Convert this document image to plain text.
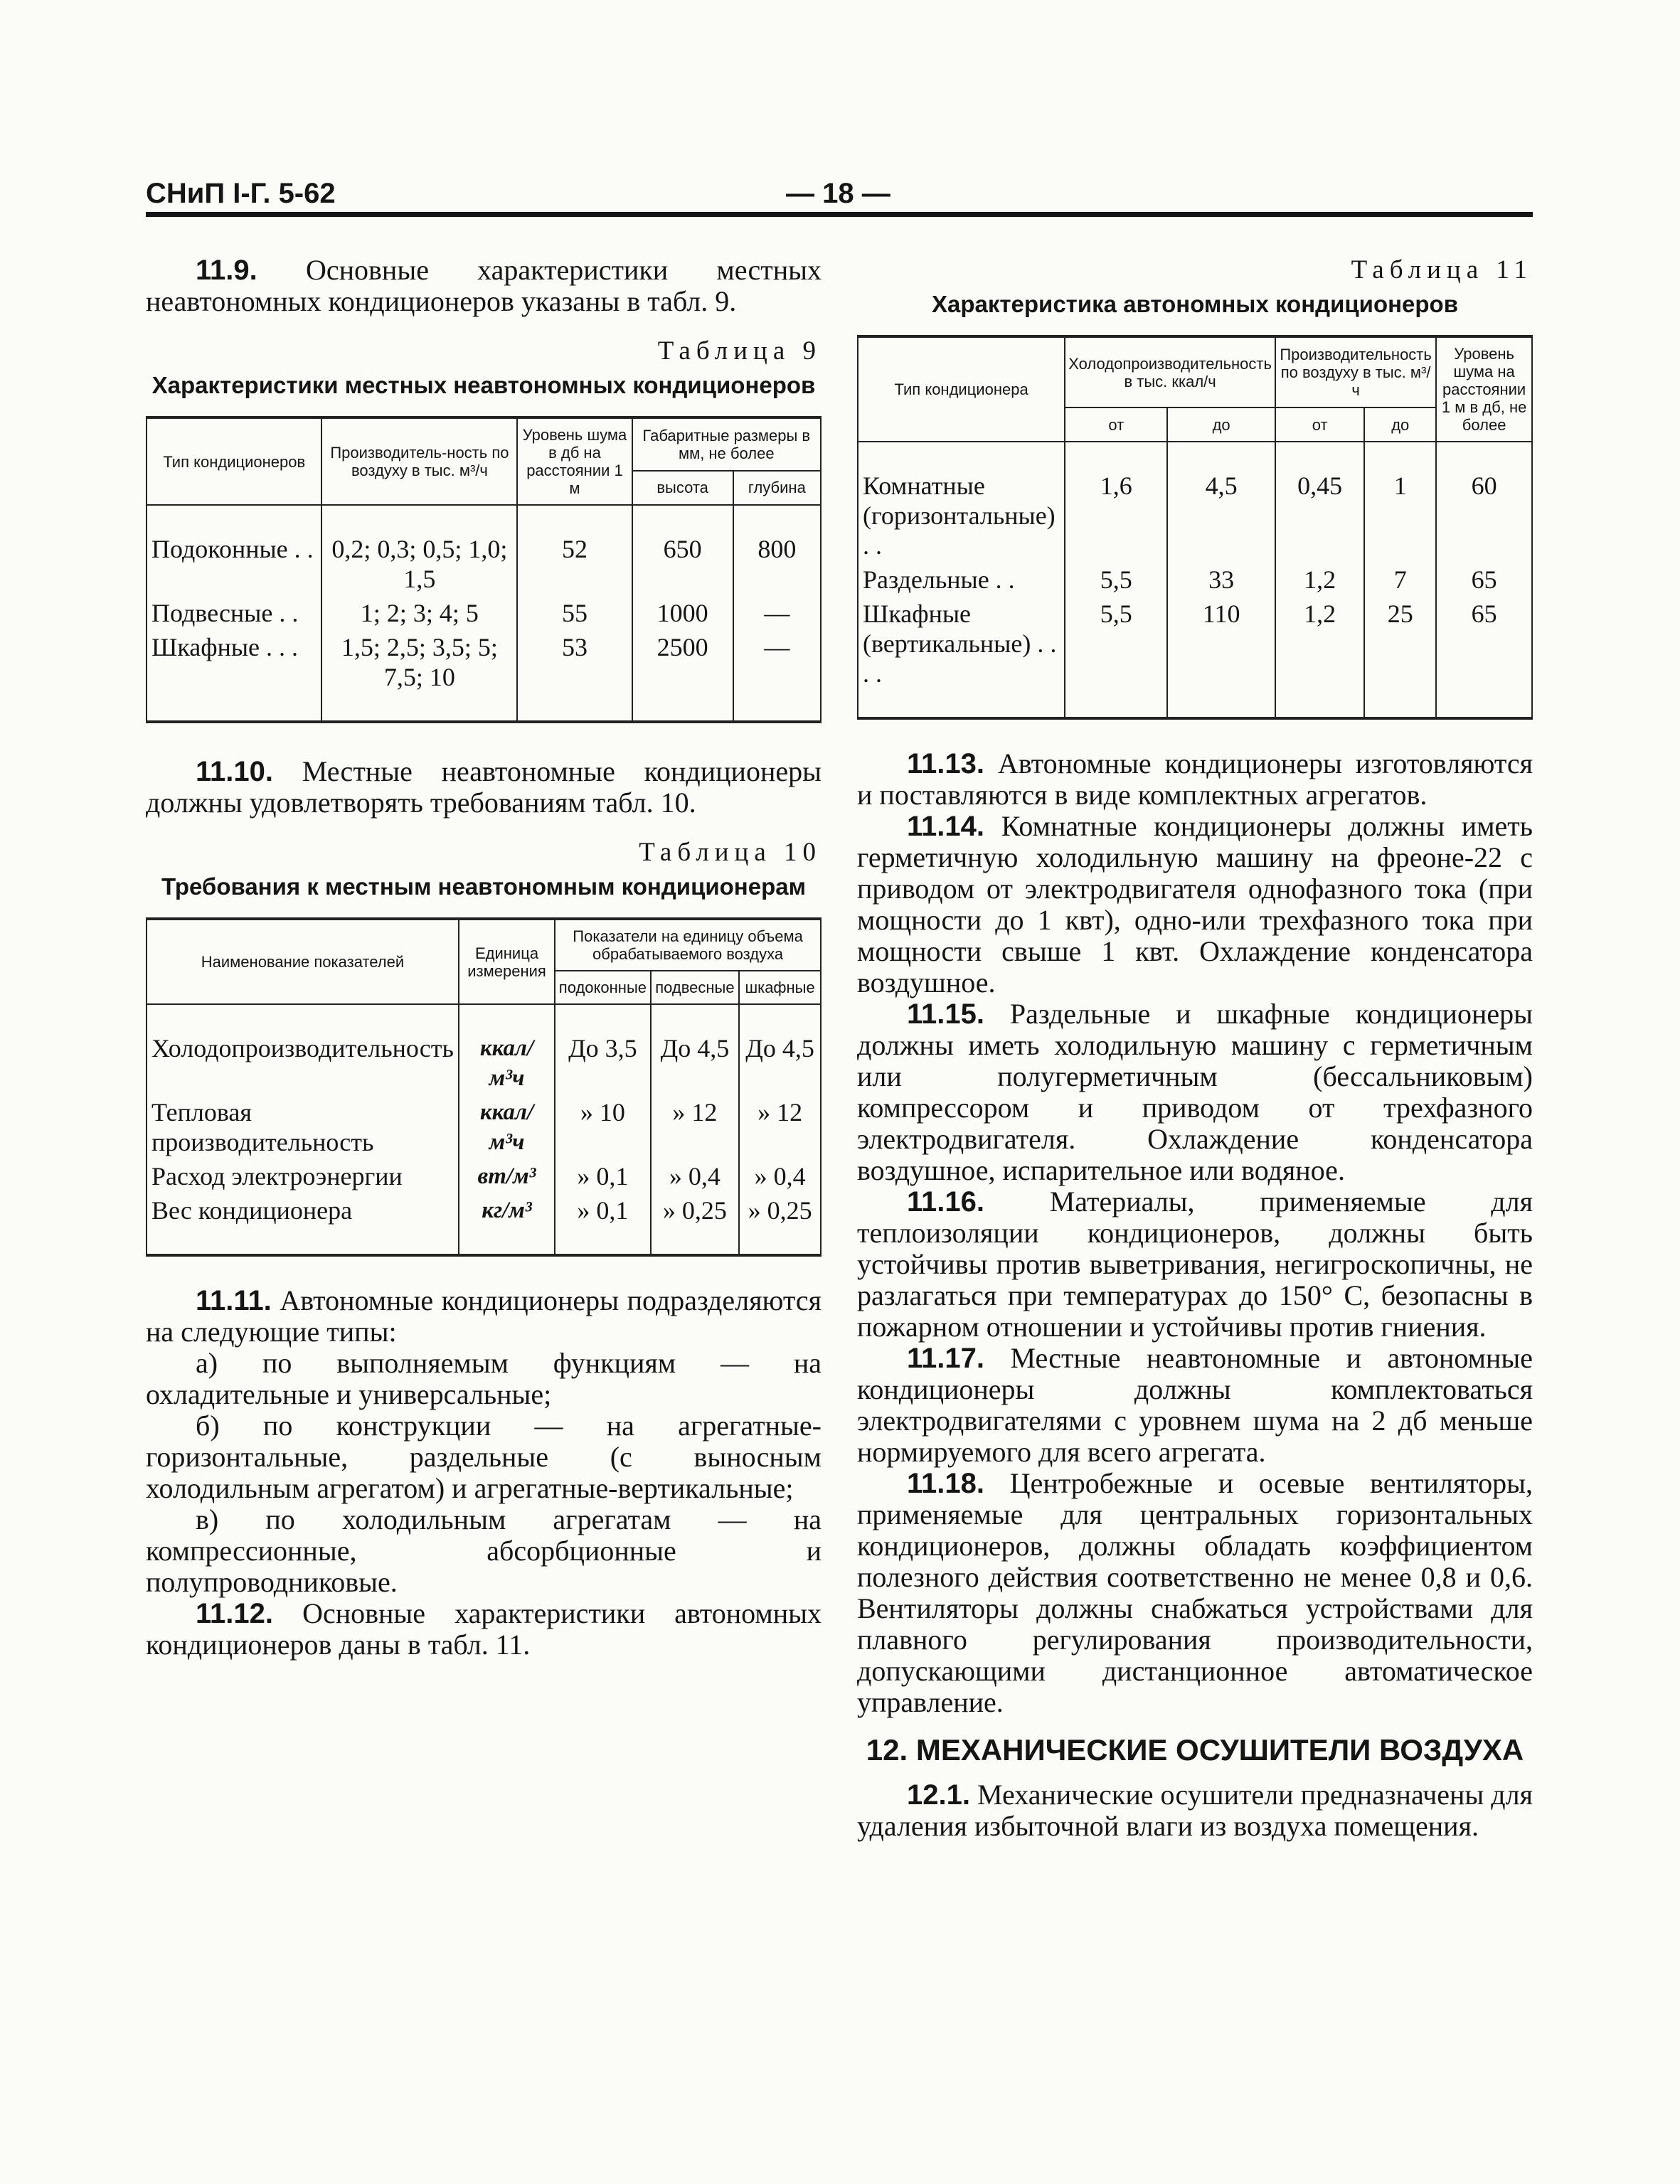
СНиП I-Г. 5-62	— 18 —

11.9. Основные характеристики местных неавтономных кондиционеров указаны в табл. 9.

Таблица 9
Характеристики местных неавтономных кондиционеров
Тип кондиционеров	Производитель-ность по воздуху в тыс. м³/ч	Уровень шума в дб на расстоянии 1 м	Габаритные размеры в мм, не более	
			высота	глубина
Подоконные . .	0,2; 0,3; 0,5; 1,0; 1,5	52	650	800
Подвесные . .	1; 2; 3; 4; 5	55	1000	—
Шкафные . . .	1,5; 2,5; 3,5; 5; 7,5; 10	53	2500	—

11.10. Местные неавтономные кондиционеры должны удовлетворять требованиям табл. 10.

Таблица 10
Требования к местным неавтономным кондиционерам
Наименование показателей	Единица измерения	Показатели на единицу объема обрабатываемого воздуха		
		подоконные	подвесные	шкафные
Холодопроизводительность	ккал/м³ч	До 3,5	До 4,5	До 4,5
Тепловая производительность	ккал/м³ч	» 10	» 12	» 12
Расход электроэнергии	вт/м³	» 0,1	» 0,4	» 0,4
Вес кондиционера	кг/м³	» 0,1	» 0,25	» 0,25

11.11. Автономные кондиционеры подразделяются на следующие типы:

а) по выполняемым функциям — на охладительные и универсальные;

б) по конструкции — на агрегатные-горизонтальные, раздельные (с выносным холодильным агрегатом) и агрегатные-вертикальные;

в) по холодильным агрегатам — на компрессионные, абсорбционные и полупроводниковые.

11.12. Основные характеристики автономных кондиционеров даны в табл. 11.

Таблица 11
Характеристика автономных кондиционеров
Тип кондиционера	Холодопроизводительность в тыс. ккал/ч		Производительность по воздуху в тыс. м³/ч		Уровень шума на расстоянии 1 м в дб, не более
	от	до	от	до	
Комнатные (горизонтальные) . .	1,6	4,5	0,45	1	60
Раздельные . .	5,5	33	1,2	7	65
Шкафные (вертикальные) . . . .	5,5	110	1,2	25	65

11.13. Автономные кондиционеры изготовляются и поставляются в виде комплектных агрегатов.

11.14. Комнатные кондиционеры должны иметь герметичную холодильную машину на фреоне-22 с приводом от электродвигателя однофазного тока (при мощности до 1 квт), одно-или трехфазного тока при мощности свыше 1 квт. Охлаждение конденсатора воздушное.

11.15. Раздельные и шкафные кондиционеры должны иметь холодильную машину с герметичным или полугерметичным (бессальниковым) компрессором и приводом от трехфазного электродвигателя. Охлаждение конденсатора воздушное, испарительное или водяное.

11.16. Материалы, применяемые для теплоизоляции кондиционеров, должны быть устойчивы против выветривания, негигроскопичны, не разлагаться при температурах до 150° С, безопасны в пожарном отношении и устойчивы против гниения.

11.17. Местные неавтономные и автономные кондиционеры должны комплектоваться электродвигателями с уровнем шума на 2 дб меньше нормируемого для всего агрегата.

11.18. Центробежные и осевые вентиляторы, применяемые для центральных горизонтальных кондиционеров, должны обладать коэффициентом полезного действия соответственно не менее 0,8 и 0,6. Вентиляторы должны снабжаться устройствами для плавного регулирования производительности, допускающими дистанционное автоматическое управление.

12. МЕХАНИЧЕСКИЕ ОСУШИТЕЛИ ВОЗДУХА

12.1. Механические осушители предназначены для удаления избыточной влаги из воздуха помещения.
